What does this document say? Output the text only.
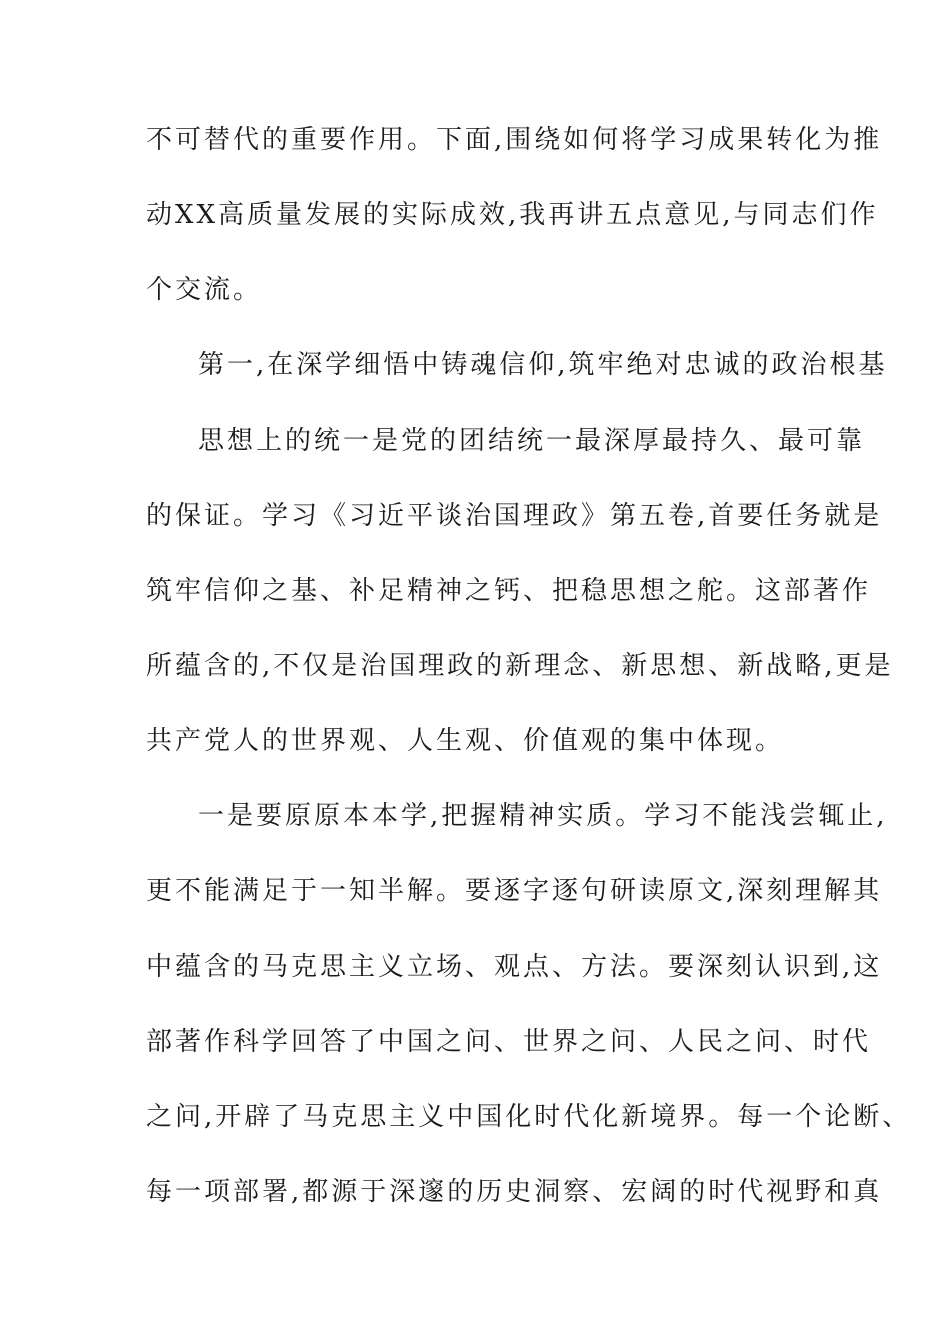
不可替代的重要作用。下面,围绕如何将学习成果转化为推
动XX高质量发展的实际成效,我再讲五点意见,与同志们作
个交流。
第一,在深学细悟中铸魂信仰,筑牢绝对忠诚的政治根基
思想上的统一是党的团结统一最深厚最持久、最可靠
的保证。学习《习近平谈治国理政》第五卷,首要任务就是
筑牢信仰之基、补足精神之钙、把稳思想之舵。这部著作
所蕴含的,不仅是治国理政的新理念、新思想、新战略,更是
共产党人的世界观、人生观、价值观的集中体现。
一是要原原本本学,把握精神实质。学习不能浅尝辄止,
更不能满足于一知半解。要逐字逐句研读原文,深刻理解其
中蕴含的马克思主义立场、观点、方法。要深刻认识到,这
部著作科学回答了中国之问、世界之问、人民之问、时代
之问,开辟了马克思主义中国化时代化新境界。每一个论断、
每一项部署,都源于深邃的历史洞察、宏阔的时代视野和真
